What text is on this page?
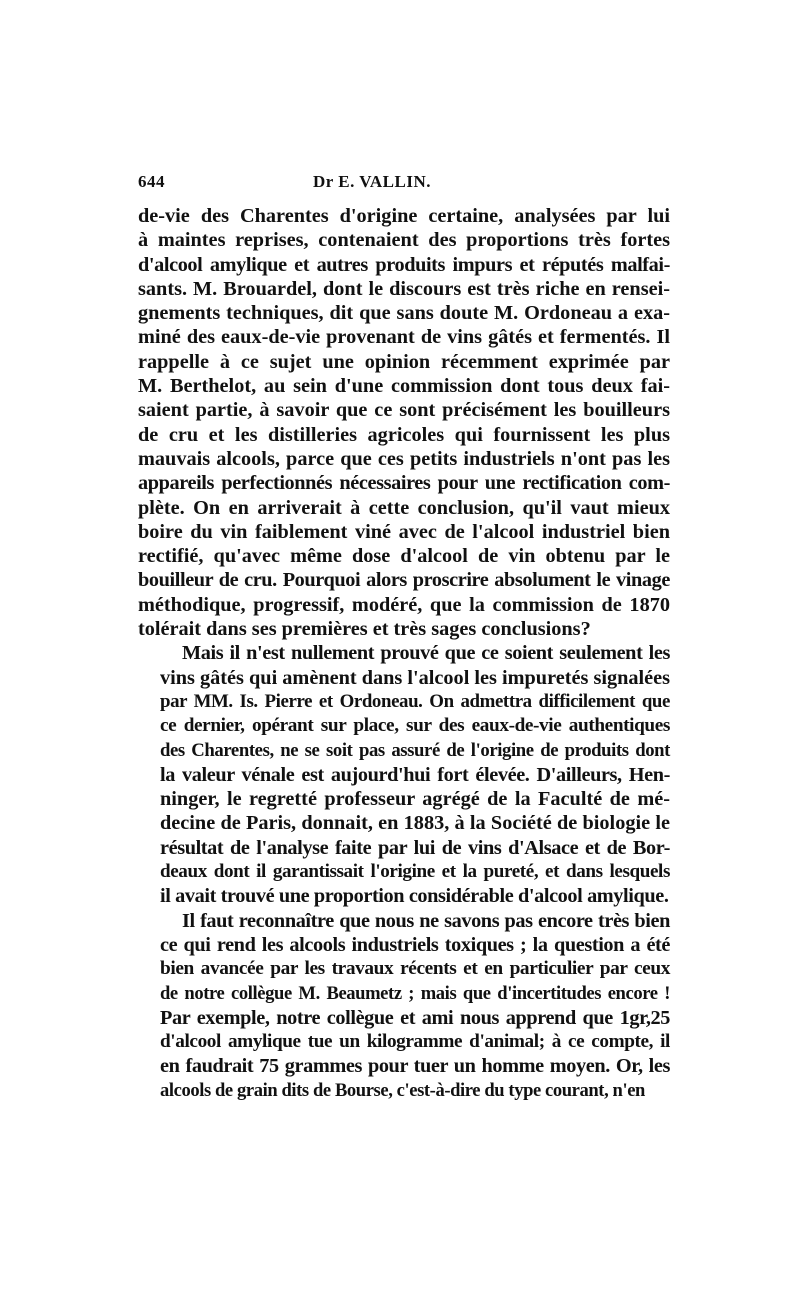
644	Dr E. VALLIN.

de-vie des Charentes d'origine certaine, analysées par lui
à maintes reprises, contenaient des proportions très fortes
d'alcool amylique et autres produits impurs et réputés malfai-
sants. M. Brouardel, dont le discours est très riche en rensei-
gnements techniques, dit que sans doute M. Ordoneau a exa-
miné des eaux-de-vie provenant de vins gâtés et fermentés. Il
rappelle à ce sujet une opinion récemment exprimée par
M. Berthelot, au sein d'une commission dont tous deux fai-
saient partie, à savoir que ce sont précisément les bouilleurs
de cru et les distilleries agricoles qui fournissent les plus
mauvais alcools, parce que ces petits industriels n'ont pas les
appareils perfectionnés nécessaires pour une rectification com-
plète. On en arriverait à cette conclusion, qu'il vaut mieux
boire du vin faiblement viné avec de l'alcool industriel bien
rectifié, qu'avec même dose d'alcool de vin obtenu par le
bouilleur de cru. Pourquoi alors proscrire absolument le vinage
méthodique, progressif, modéré, que la commission de 1870
tolérait dans ses premières et très sages conclusions?

Mais il n'est nullement prouvé que ce soient seulement les
vins gâtés qui amènent dans l'alcool les impuretés signalées
par MM. Is. Pierre et Ordoneau. On admettra difficilement que
ce dernier, opérant sur place, sur des eaux-de-vie authentiques
des Charentes, ne se soit pas assuré de l'origine de produits dont
la valeur vénale est aujourd'hui fort élevée. D'ailleurs, Hen-
ninger, le regretté professeur agrégé de la Faculté de mé-
decine de Paris, donnait, en 1883, à la Société de biologie le
résultat de l'analyse faite par lui de vins d'Alsace et de Bor-
deaux dont il garantissait l'origine et la pureté, et dans lesquels
il avait trouvé une proportion considérable d'alcool amylique.

Il faut reconnaître que nous ne savons pas encore très bien
ce qui rend les alcools industriels toxiques ; la question a été
bien avancée par les travaux récents et en particulier par ceux
de notre collègue M. Beaumetz ; mais que d'incertitudes encore !
Par exemple, notre collègue et ami nous apprend que 1gr,25
d'alcool amylique tue un kilogramme d'animal; à ce compte, il
en faudrait 75 grammes pour tuer un homme moyen. Or, les
alcools de grain dits de Bourse, c'est-à-dire du type courant, n'en
